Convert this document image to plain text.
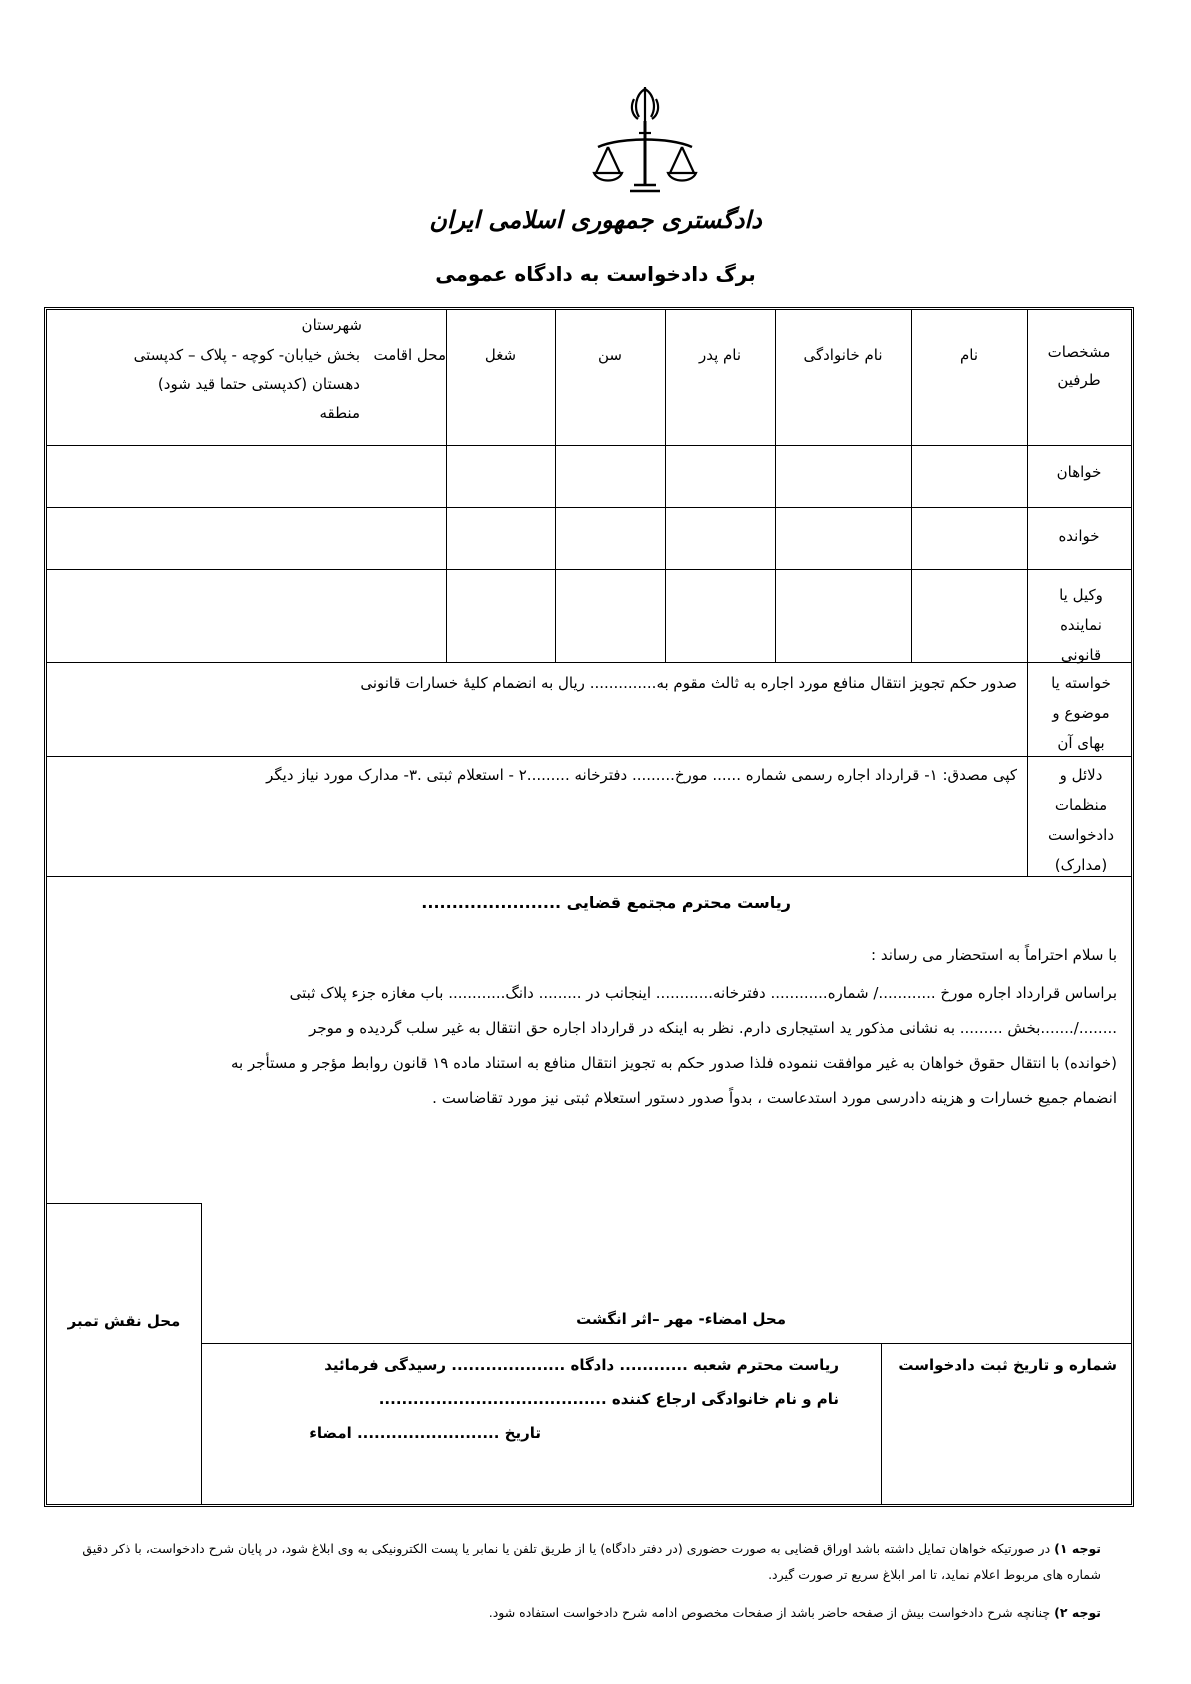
دادگستری جمهوری اسلامی ایران
برگ دادخواست به دادگاه عمومی
مشخصات طرفین
نام
نام خانوادگی
نام پدر
سن
شغل
شهرستان
محل اقامت
بخش خیابان- کوچه - پلاک – کدپستی
دهستان (کدپستی حتما قید شود)
منطقه
خواهان
خوانده
وکیل یا نماینده قانونی
خواسته یا موضوع و بهای آن
صدور حکم تجویز انتقال منافع مورد اجاره به ثالث مقوم به.............. ریال به انضمام کلیهٔ خسارات قانونی
دلائل و منظمات دادخواست (مدارک)
کپی مصدق: ۱- قرارداد اجاره رسمی شماره ...... مورخ......... دفترخانه .........۲ - استعلام ثبتی .۳- مدارک مورد نیاز دیگر
ریاست محترم مجتمع قضایی .......................
با سلام احتراماً به استحضار می رساند :

براساس قرارداد اجاره مورخ ............/ شماره............ دفترخانه............ اینجانب در ......... دانگ............ باب مغازه جزء پلاک ثبتی

......../.......بخش ......... به نشانی مذکور ید استیجاری دارم. نظر به اینکه در قرارداد اجاره حق انتقال به غیر سلب گردیده و موجر

(خوانده) با انتقال حقوق خواهان به غیر موافقت ننموده فلذا صدور حکم به تجویز انتقال منافع به استناد ماده ۱۹ قانون روابط مؤجر و مستأجر به

انضمام جمیع خسارات و هزینه دادرسی مورد استدعاست ، بدواً صدور دستور استعلام ثبتی نیز مورد تقاضاست .

محل نقش تمبر	محل امضاء- مهر –اثر انگشت
شماره و تاریخ ثبت دادخواست
ریاست محترم شعبه ............ دادگاه .................... رسیدگی فرمائید
نام و نام خانوادگی ارجاع کننده ........................................
تاریخ ......................... امضاء
توجه ۱) در صورتیکه خواهان تمایل داشته باشد اوراق قضایی به صورت حضوری (در دفتر دادگاه) یا از طریق تلفن یا نمابر یا پست الکترونیکی به وی ابلاغ شود، در پایان شرح دادخواست، با ذکر دقیق شماره های مربوط اعلام نماید، تا امر ابلاغ سریع تر صورت گیرد.
توجه ۲) چنانچه شرح دادخواست بیش از صفحه حاضر باشد از صفحات مخصوص ادامه شرح دادخواست استفاده شود.
